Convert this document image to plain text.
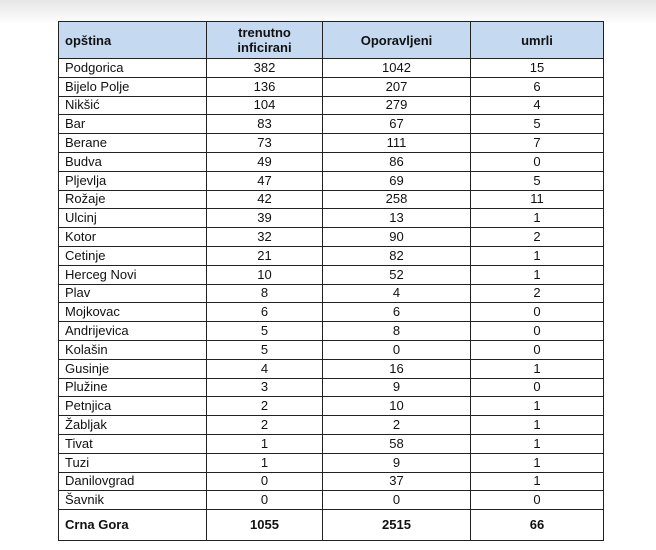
opština	trenutno inficirani	Oporavljeni	umrli
Podgorica	382	1042	15
Bijelo Polje	136	207	6
Nikšić	104	279	4
Bar	83	67	5
Berane	73	111	7
Budva	49	86	0
Pljevlja	47	69	5
Rožaje	42	258	11
Ulcinj	39	13	1
Kotor	32	90	2
Cetinje	21	82	1
Herceg Novi	10	52	1
Plav	8	4	2
Mojkovac	6	6	0
Andrijevica	5	8	0
Kolašin	5	0	0
Gusinje	4	16	1
Plužine	3	9	0
Petnjica	2	10	1
Žabljak	2	2	1
Tivat	1	58	1
Tuzi	1	9	1
Danilovgrad	0	37	1
Šavnik	0	0	0
Crna Gora	1055	2515	66
